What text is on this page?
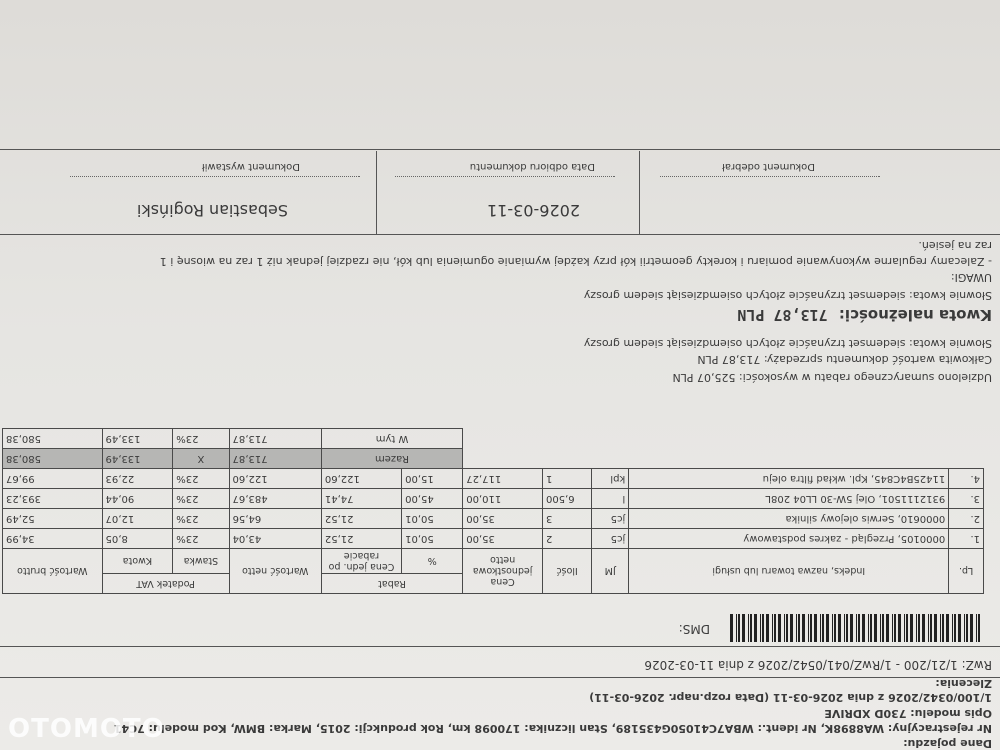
Dokument wystawił
Sebastian Rogiński
Data odbioru dokumentu
2026-03-11
Dokument odebrał
raz na jesień.
- Zalecamy regularne wykonywanie pomiaru i korekty geometrii kół przy każdej wymianie ogumienia lub kół, nie rzadziej jednak niż 1 raz na wiosnę i 1
UWAGI:
Słownie kwota: siedemset trzynaście złotych osiemdziesiąt siedem groszy
Kwota należności: 713,87 PLN
Słownie kwota: siedemset trzynaście złotych osiemdziesiąt siedem groszy
Całkowita wartość dokumentu sprzedaży: 713,87 PLN
Udzielono sumarycznego rabatu w wysokości: 525,07 PLN
Lp.	Indeks, nazwa towaru lub usługi	JM	Ilość	Cena jednostkowa netto	Rabat		Wartość netto	Podatek VAT		Wartość brutto
					%	Cena jedn. po rabacie		Stawka	Kwota	
1.	0000105, Przegląd - zakres podstawowy	jc5	2	35,00	50,01	21,52	43,04	23%	8,05	34,99
2.	0000610, Serwis olejowy silnika	jc5	3	35,00	50,01	21,52	64,56	23%	12,07	52,49
3.	9312111501, Olej 5W-30 LL04 208L	l	6,500	110,00	45,00	74,41	483,67	23%	90,44	393,23
4.	11425B4C845, Kpl. wkład filtra oleju	kpl	1	117,27	15,00	122,60	122,60	23%	22,93	99,67
					Razem		713,87	X	133,49	580,38
					W tym		713,87	23%	133,49	580,38
DMS:
RwZ: 1/21/200 - 1/RwZ/041/0542/2026 z dnia 11-03-2026
Zlecenia:
1/100/0342/2026 z dnia 2026-03-11 (Data rozp.napr. 2026-03-11)
Opis modelu: 730D XDRIVE
Nr rejestracyjny: WA8898K, Nr ident.: WBA7C41050G435189, Stan licznika: 170098 km, Rok produkcji: 2015, Marka: BMW, Kod modelu: 7C41
Dane pojazdu:
OTOMOTO
